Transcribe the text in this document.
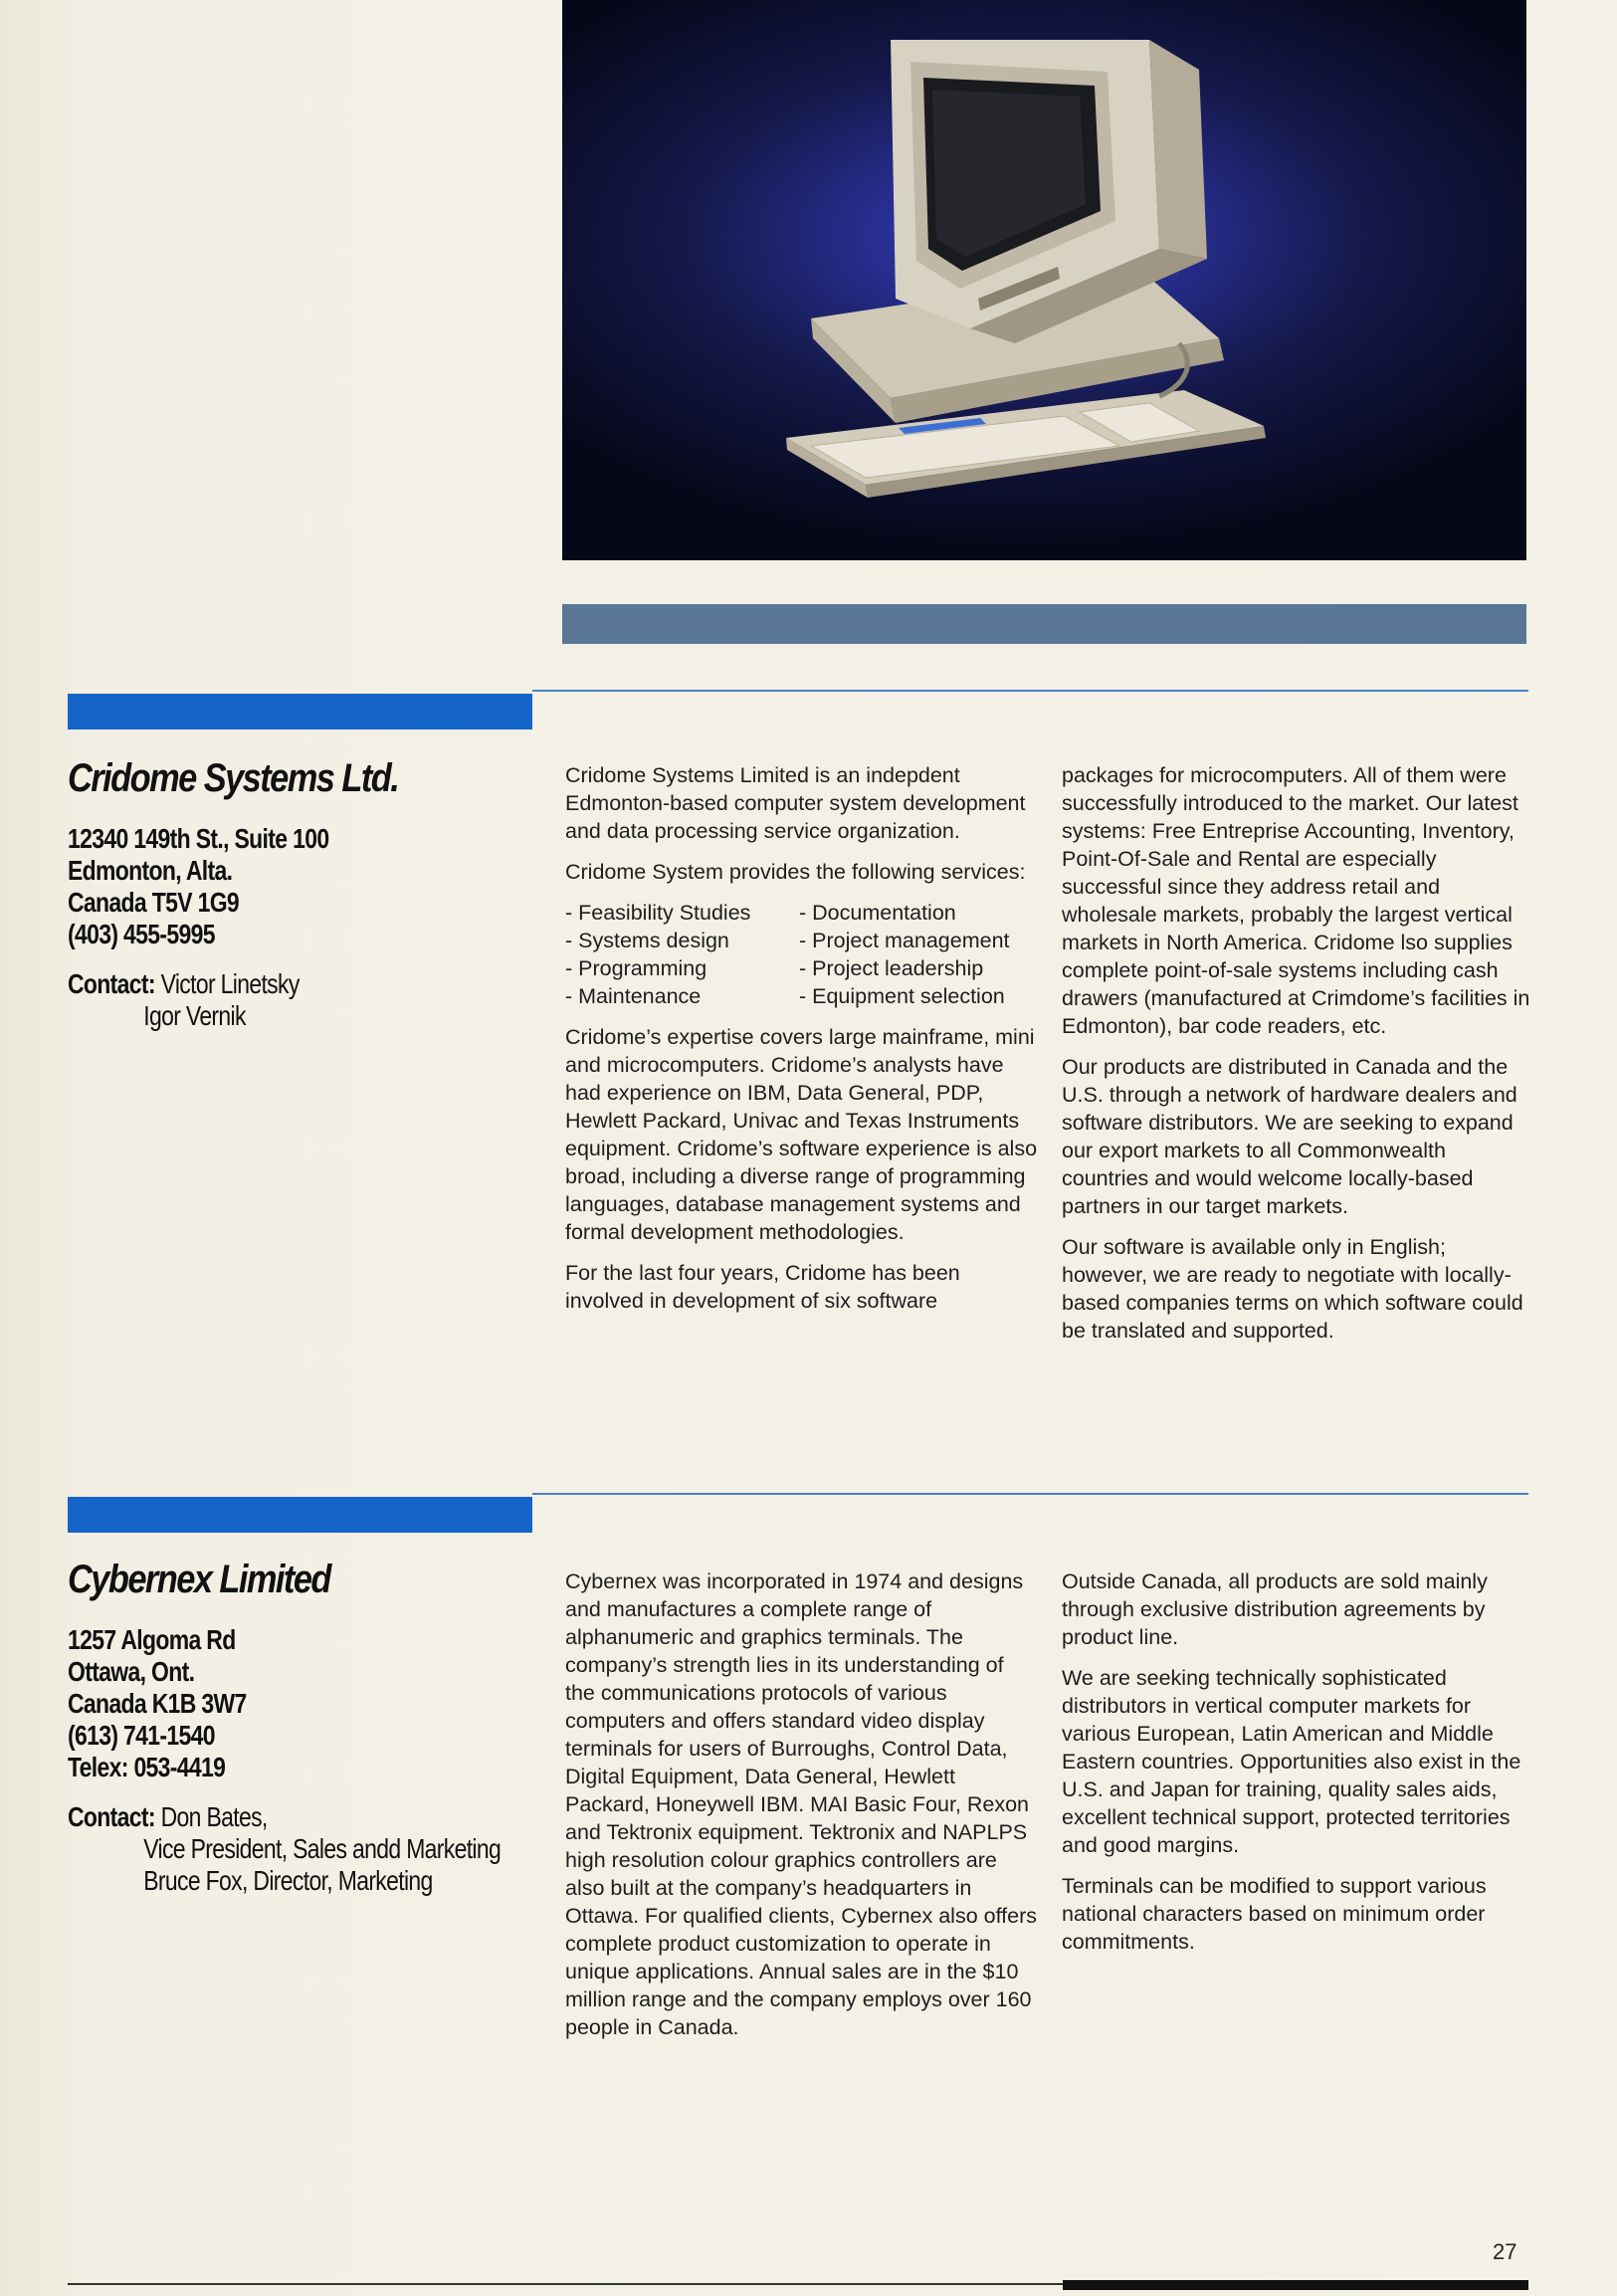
Cridome Systems Ltd.
12340 149th St., Suite 100
Edmonton, Alta.
Canada T5V 1G9
(403) 455-5995
Contact: Victor Linetsky
Igor Vernik

Cridome Systems Limited is an indepdent Edmonton-based computer system development and data processing service organization.

Cridome System provides the following services:

- Feasibility Studies	- Documentation
- Systems design	- Project management
- Programming	- Project leadership
- Maintenance	- Equipment selection

Cridome’s expertise covers large mainframe, mini and microcomputers. Cridome’s analysts have had experience on IBM, Data General, PDP, Hewlett Packard, Univac and Texas Instruments equipment. Cridome’s software experience is also broad, including a diverse range of programming languages, database management systems and formal development methodologies.

For the last four years, Cridome has been involved in development of six software

packages for microcomputers. All of them were successfully introduced to the market. Our latest systems: Free Entreprise Accounting, Inventory, Point-Of-Sale and Rental are especially successful since they address retail and wholesale markets, probably the largest vertical markets in North America. Cridome lso supplies complete point-of-sale systems including cash drawers (manufactured at Crimdome’s facilities in Edmonton), bar code readers, etc.

Our products are distributed in Canada and the U.S. through a network of hardware dealers and software distributors. We are seeking to expand our export markets to all Commonwealth countries and would welcome locally-based partners in our target markets.

Our software is available only in English; however, we are ready to negotiate with locally-based companies terms on which software could be translated and supported.

Cybernex Limited
1257 Algoma Rd
Ottawa, Ont.
Canada K1B 3W7
(613) 741-1540
Telex: 053-4419
Contact: Don Bates,
Vice President, Sales andd Marketing
Bruce Fox, Director, Marketing

Cybernex was incorporated in 1974 and designs and manufactures a complete range of alphanumeric and graphics terminals. The company’s strength lies in its understanding of the communications protocols of various computers and offers standard video display terminals for users of Burroughs, Control Data, Digital Equipment, Data General, Hewlett Packard, Honeywell IBM. MAI Basic Four, Rexon and Tektronix equipment. Tektronix and NAPLPS high resolution colour graphics controllers are also built at the company’s headquarters in Ottawa. For qualified clients, Cybernex also offers complete product customization to operate in unique applications. Annual sales are in the $10 million range and the company employs over 160 people in Canada.

Outside Canada, all products are sold mainly through exclusive distribution agreements by product line.

We are seeking technically sophisticated distributors in vertical computer markets for various European, Latin American and Middle Eastern countries. Opportunities also exist in the U.S. and Japan for training, quality sales aids, excellent technical support, protected territories and good margins.

Terminals can be modified to support various national characters based on minimum order commitments.

27
